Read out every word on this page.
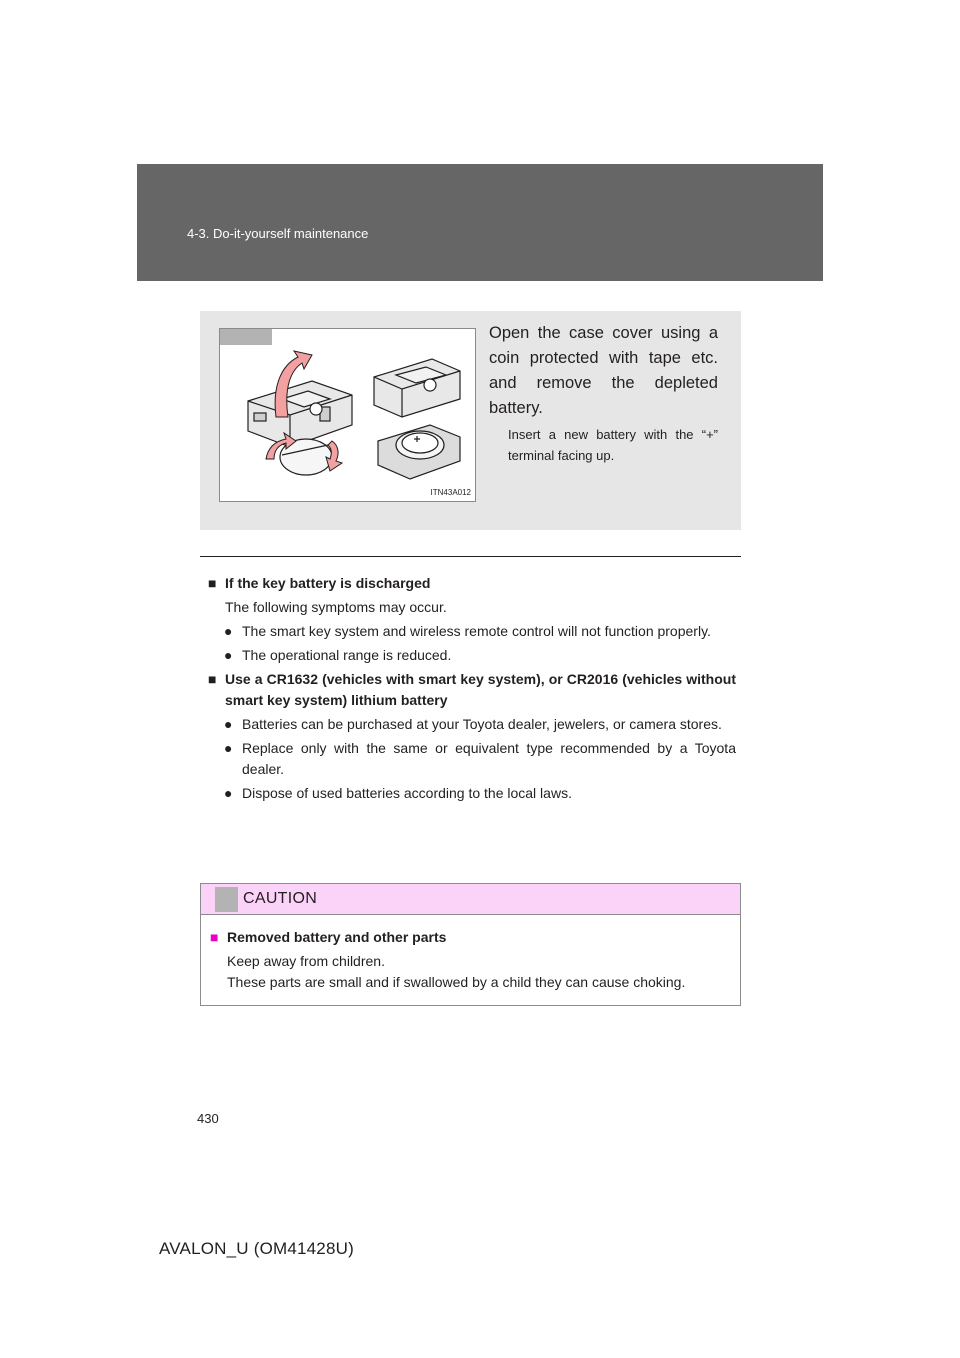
4-3. Do-it-yourself maintenance
ITN43A012
Open the case cover using a coin protected with tape etc. and remove the depleted battery.
Insert a new battery with the “+” terminal facing up.
■ If the key battery is discharged
The following symptoms may occur.
● The smart key system and wireless remote control will not function properly.
● The operational range is reduced.
■ Use a CR1632 (vehicles with smart key system), or CR2016 (vehicles without smart key system) lithium battery
● Batteries can be purchased at your Toyota dealer, jewelers, or camera stores.
● Replace only with the same or equivalent type recommended by a Toyota dealer.
● Dispose of used batteries according to the local laws.
CAUTION
■ Removed battery and other parts
Keep away from children.
These parts are small and if swallowed by a child they can cause choking.
430
AVALON_U (OM41428U)
